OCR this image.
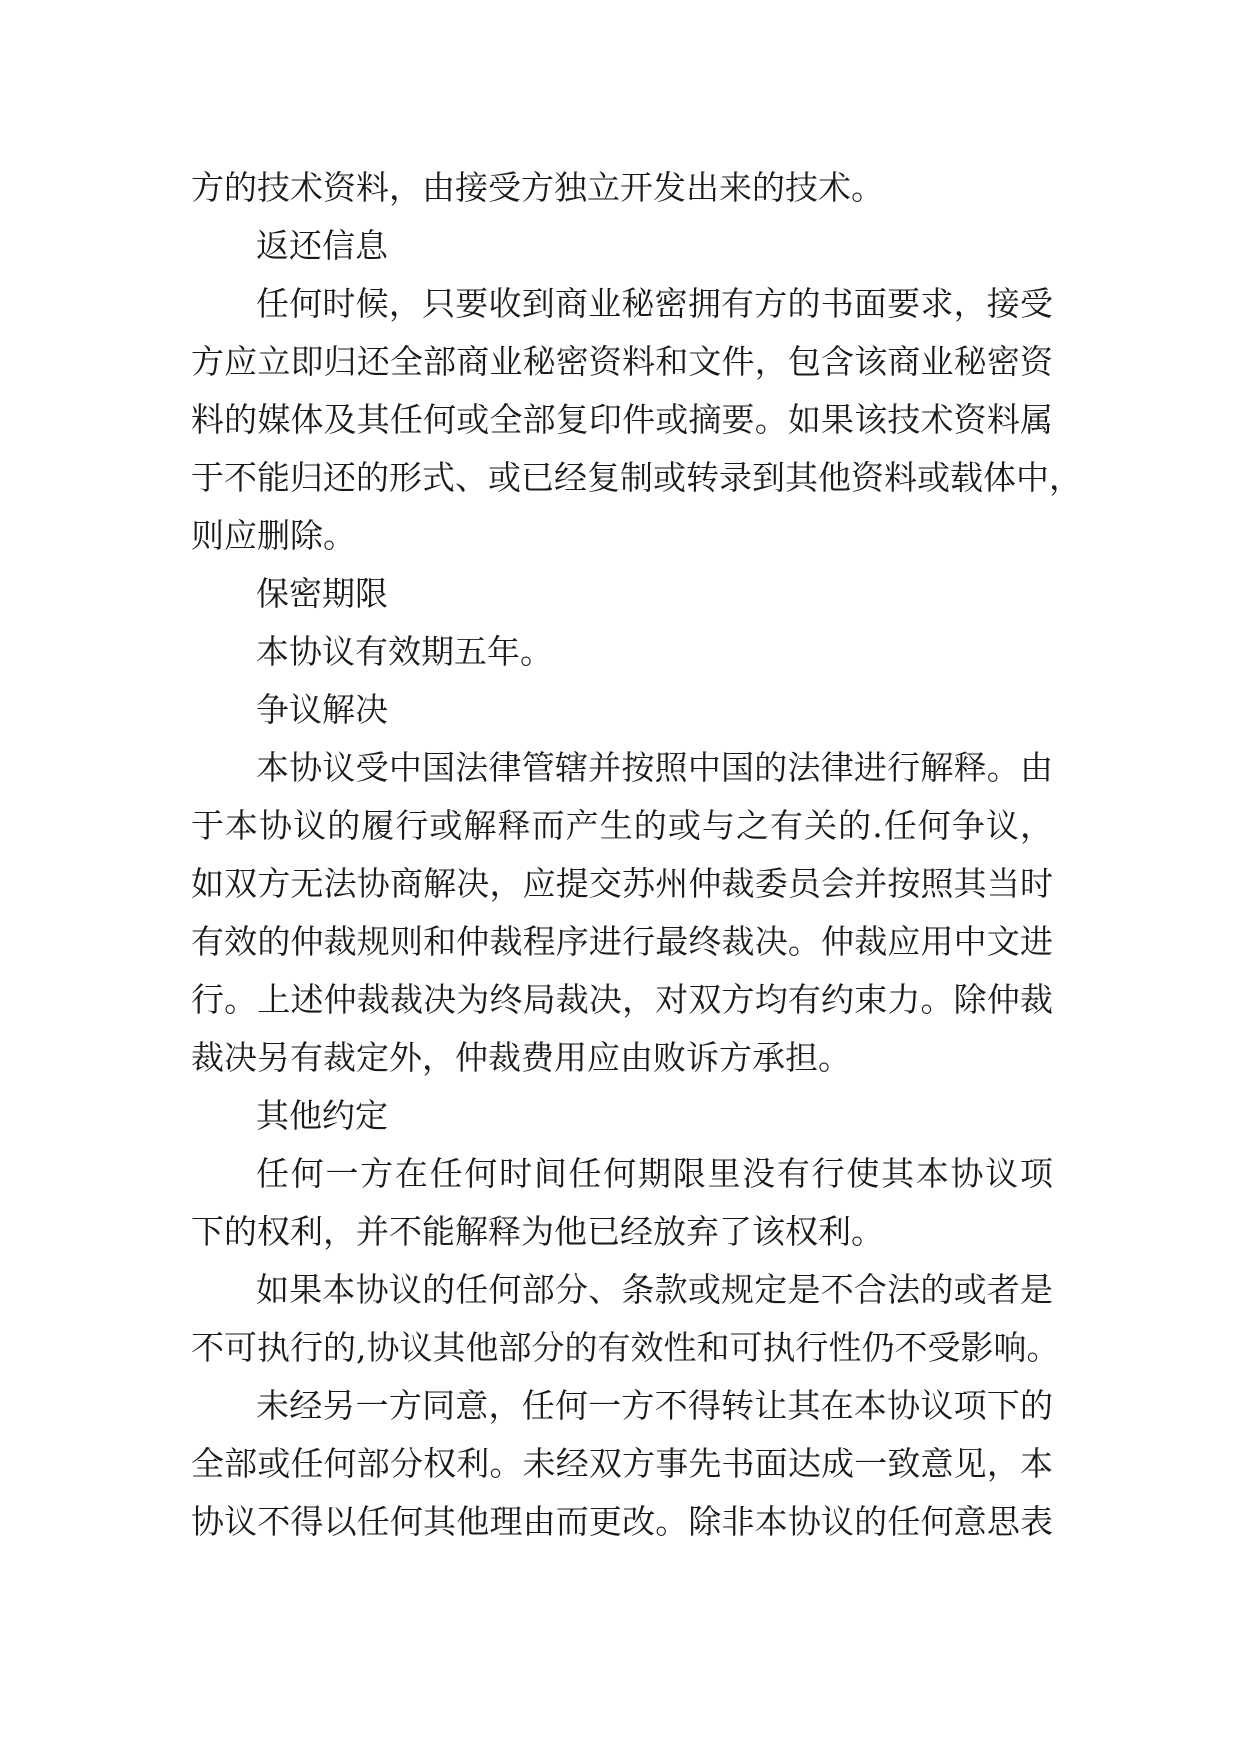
方的技术资料，由接受方独立开发出来的技术。
返还信息
任何时候，只要收到商业秘密拥有方的书面要求，接受
方应立即归还全部商业秘密资料和文件，包含该商业秘密资
料的媒体及其任何或全部复印件或摘要。如果该技术资料属
于不能归还的形式、或已经复制或转录到其他资料或载体中，
则应删除。
保密期限
本协议有效期五年。
争议解决
本协议受中国法律管辖并按照中国的法律进行解释。由
于本协议的履行或解释而产生的或与之有关的.任何争议，
如双方无法协商解决，应提交苏州仲裁委员会并按照其当时
有效的仲裁规则和仲裁程序进行最终裁决。仲裁应用中文进
行。上述仲裁裁决为终局裁决，对双方均有约束力。除仲裁
裁决另有裁定外，仲裁费用应由败诉方承担。
其他约定
任何一方在任何时间任何期限里没有行使其本协议项
下的权利，并不能解释为他已经放弃了该权利。
如果本协议的任何部分、条款或规定是不合法的或者是
不可执行的,协议其他部分的有效性和可执行性仍不受影响。
未经另一方同意，任何一方不得转让其在本协议项下的
全部或任何部分权利。未经双方事先书面达成一致意见，本
协议不得以任何其他理由而更改。除非本协议的任何意思表
